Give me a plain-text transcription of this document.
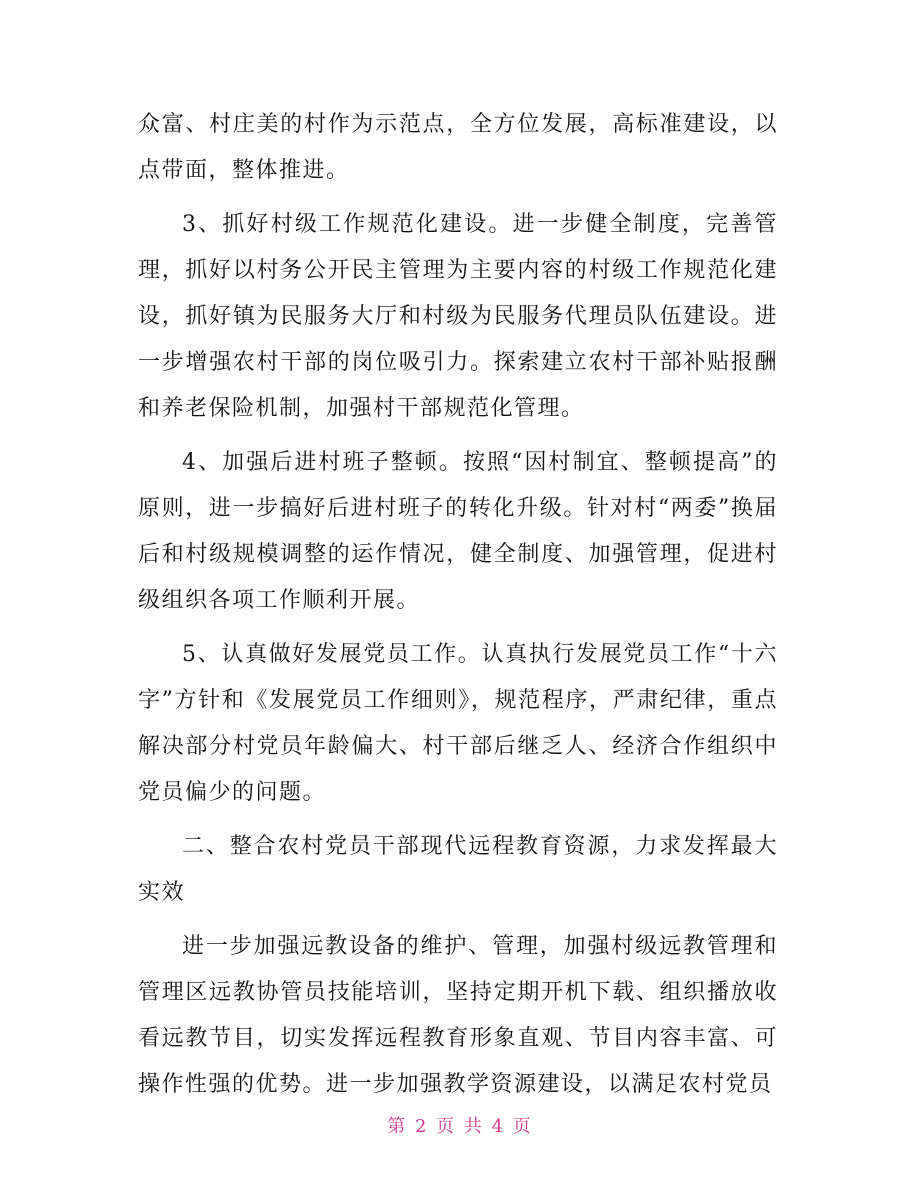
众富、村庄美的村作为示范点，全方位发展，高标准建设，以点带面，整体推进。

3、抓好村级工作规范化建设。进一步健全制度，完善管理，抓好以村务公开民主管理为主要内容的村级工作规范化建设，抓好镇为民服务大厅和村级为民服务代理员队伍建设。进一步增强农村干部的岗位吸引力。探索建立农村干部补贴报酬和养老保险机制，加强村干部规范化管理。

4、加强后进村班子整顿。按照“因村制宜、整顿提高”的原则，进一步搞好后进村班子的转化升级。针对村“两委”换届后和村级规模调整的运作情况，健全制度、加强管理，促进村级组织各项工作顺利开展。

5、认真做好发展党员工作。认真执行发展党员工作“十六字”方针和《发展党员工作细则》，规范程序，严肃纪律，重点解决部分村党员年龄偏大、村干部后继乏人、经济合作组织中党员偏少的问题。

二、整合农村党员干部现代远程教育资源，力求发挥最大实效

进一步加强远教设备的维护、管理，加强村级远教管理和管理区远教协管员技能培训，坚持定期开机下载、组织播放收看远教节目，切实发挥远程教育形象直观、节目内容丰富、可操作性强的优势。进一步加强教学资源建设，以满足农村党员

第 2 页 共 4 页
